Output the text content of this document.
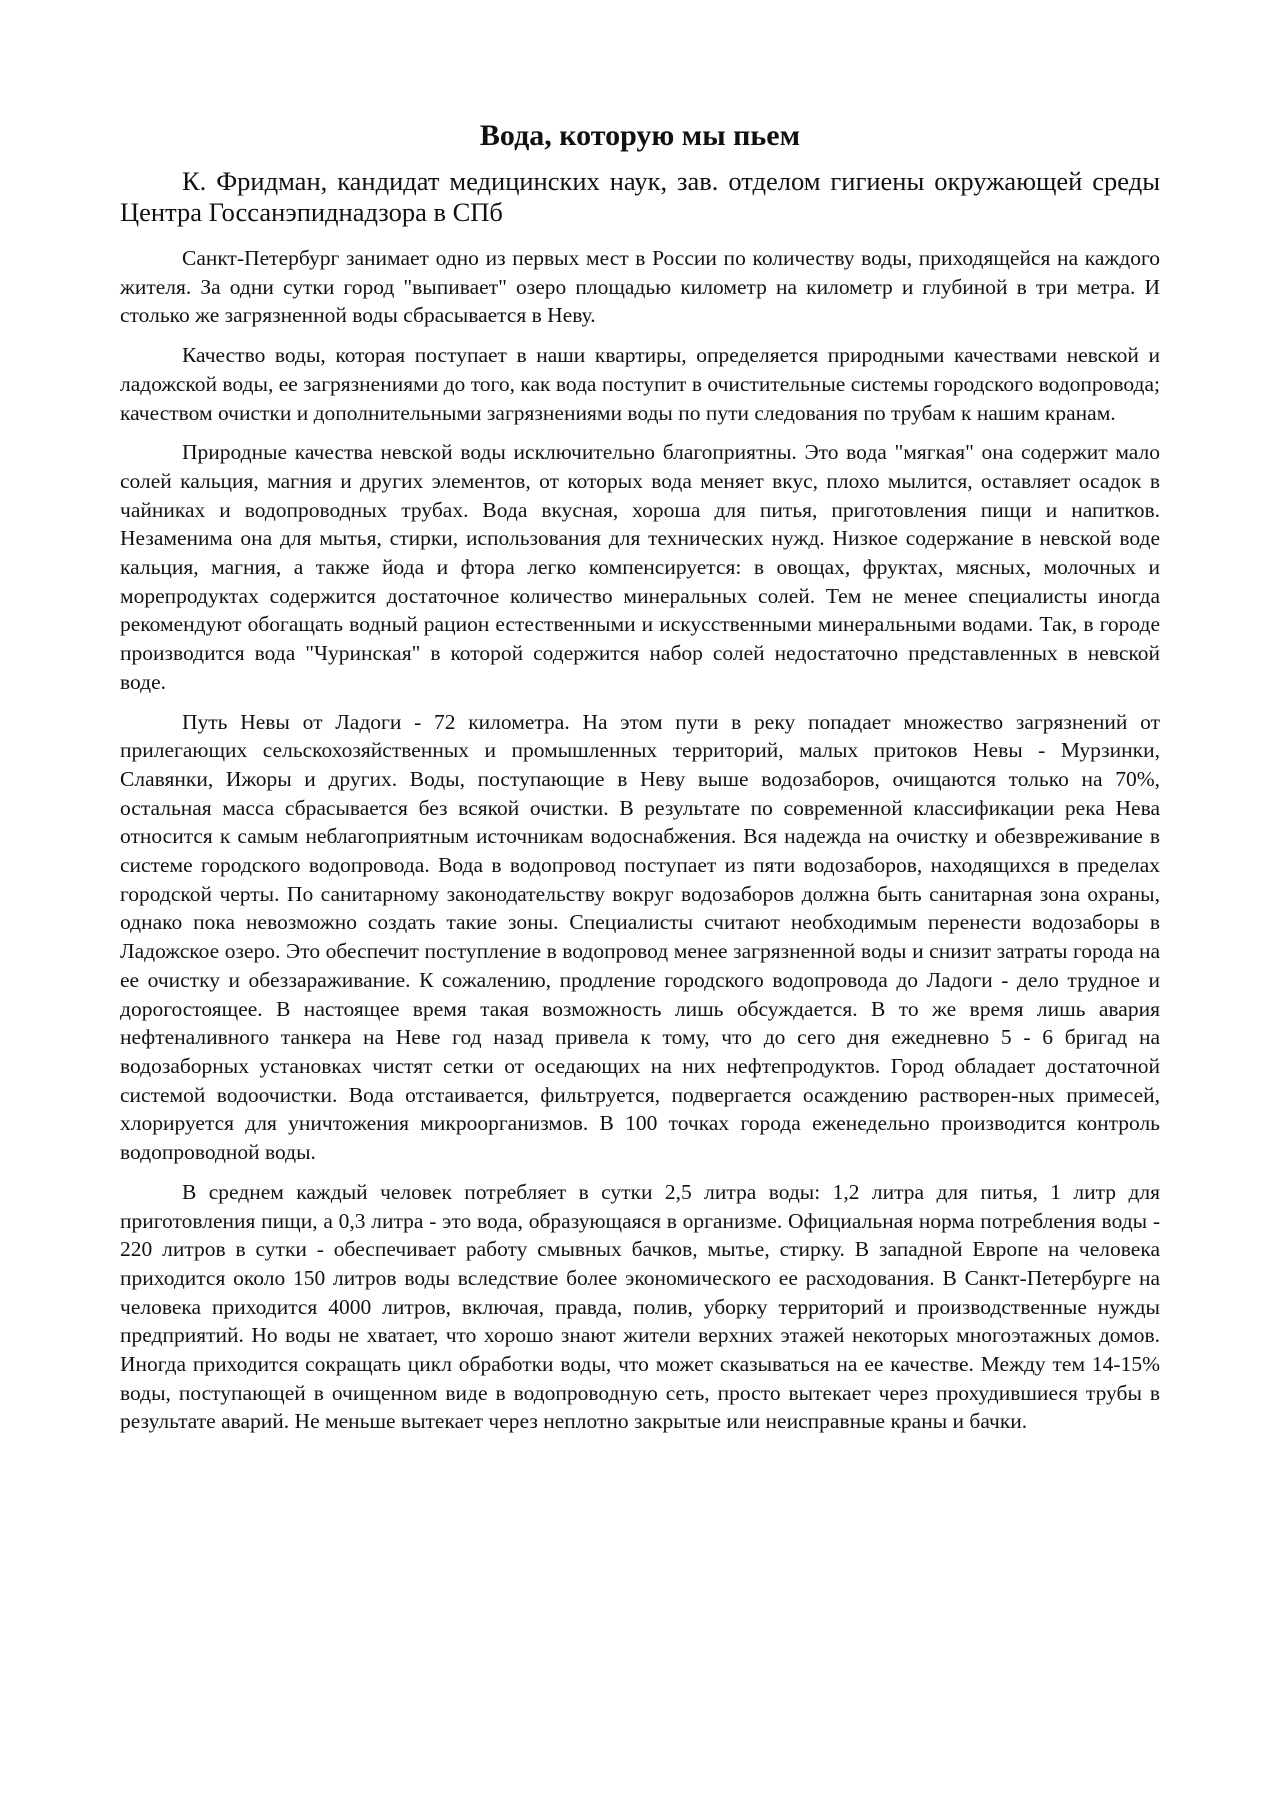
Вода, которую мы пьем

К. Фридман, кандидат медицинских наук, зав. отделом гигиены окружающей среды Центра Госсанэпиднадзора в СПб

Санкт-Петербург занимает одно из первых мест в России по количеству воды, приходящейся на каждого жителя. За одни сутки город "выпивает" озеро площадью километр на километр и глубиной в три метра. И столько же загрязненной воды сбрасывается в Неву.

Качество воды, которая поступает в наши квартиры, определяется природными качествами невской и ладожской воды, ее загрязнениями до того, как вода поступит в очистительные системы городского водопровода; качеством очистки и дополнительными загрязнениями воды по пути следования по трубам к нашим кранам.

Природные качества невской воды исключительно благоприятны. Это вода "мягкая" она содержит мало солей кальция, магния и других элементов, от которых вода меняет вкус, плохо мылится, оставляет осадок в чайниках и водопроводных трубах. Вода вкусная, хороша для питья, приготовления пищи и напитков. Незаменима она для мытья, стирки, использования для технических нужд. Низкое содержание в невской воде кальция, магния, а также йода и фтора легко компенсируется: в овощах, фруктах, мясных, молочных и морепродуктах содержится достаточное количество минеральных солей. Тем не менее специалисты иногда рекомендуют обогащать водный рацион естественными и искусственными минеральными водами. Так, в городе производится вода "Чуринская" в которой содержится набор солей недостаточно представленных в невской воде.

Путь Невы от Ладоги - 72 километра. На этом пути в реку попадает множество загрязнений от прилегающих сельскохозяйственных и промышленных территорий, малых притоков Невы - Мурзинки, Славянки, Ижоры и других. Воды, поступающие в Неву выше водозаборов, очищаются только на 70%, остальная масса сбрасывается без всякой очистки. В результате по современной классификации река Нева относится к самым неблагоприятным источникам водоснабжения. Вся надежда на очистку и обезвреживание в системе городского водопровода. Вода в водопровод поступает из пяти водозаборов, находящихся в пределах городской черты. По санитарному законодательству вокруг водозаборов должна быть санитарная зона охраны, однако пока невозможно создать такие зоны. Специалисты считают необходимым перенести водозаборы в Ладожское озеро. Это обеспечит поступление в водопровод менее загрязненной воды и снизит затраты города на ее очистку и обеззараживание. К сожалению, продление городского водопровода до Ладоги - дело трудное и дорогостоящее. В настоящее время такая возможность лишь обсуждается. В то же время лишь авария нефтеналивного танкера на Неве год назад привела к тому, что до сего дня ежедневно 5 - 6 бригад на водозаборных установках чистят сетки от оседающих на них нефтепродуктов. Город обладает достаточной системой водоочистки. Вода отстаивается, фильтруется, подвергается осаждению растворен-ных примесей, хлорируется для уничтожения микроорганизмов. В 100 точках города еженедельно производится контроль водопроводной воды.

В среднем каждый человек потребляет в сутки 2,5 литра воды: 1,2 литра для питья, 1 литр для приготовления пищи, а 0,3 литра - это вода, образующаяся в организме. Официальная норма потребления воды - 220 литров в сутки - обеспечивает работу смывных бачков, мытье, стирку. В западной Европе на человека приходится около 150 литров воды вследствие более экономического ее расходования. В Санкт-Петербурге на человека приходится 4000 литров, включая, правда, полив, уборку территорий и производственные нужды предприятий. Но воды не хватает, что хорошо знают жители верхних этажей некоторых многоэтажных домов. Иногда приходится сокращать цикл обработки воды, что может сказываться на ее качестве. Между тем 14-15% воды, поступающей в очищенном виде в водопроводную сеть, просто вытекает через прохудившиеся трубы в результате аварий. Не меньше вытекает через неплотно закрытые или неисправные краны и бачки.
